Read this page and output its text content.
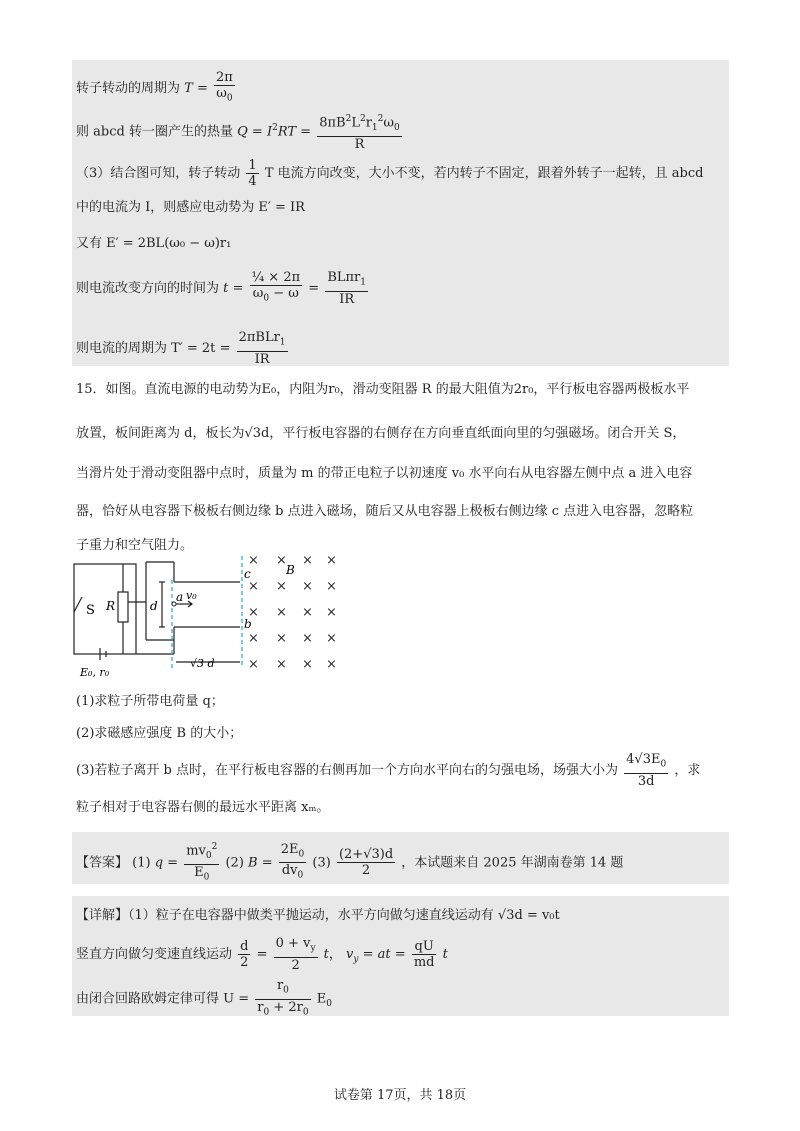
转子转动的周期为 $T = \frac{2\pi}{\omega_0}$
则 abcd 转一圈产生的热量 $Q = I^2RT = \frac{8\pi B^2L^2r_1^2\omega_0}{R}$
（3）结合图可知，转子转动 $\frac{1}{4}$ T 电流方向改变，大小不变，若内转子不固定，跟着外转子一起转，且 abcd
中的电流为 I，则感应电动势为 E′ = IR
又有 E′ = 2BL(ω₀ − ω)r₁
则电流改变方向的时间为 $t = \frac{\text{¼ × 2π}}{\omega_0 - \omega} = \frac{BL\pi r_1}{IR}$
则电流的周期为 $T' = 2t = \frac{2\pi BLr_1}{IR}$
15．如图。直流电源的电动势为E₀，内阻为r₀，滑动变阻器 R 的最大阻值为2r₀，平行板电容器两极板水平
放置，板间距离为 d，板长为√3d，平行板电容器的右侧存在方向垂直纸面向里的匀强磁场。闭合开关 S，
当滑片处于滑动变阻器中点时，质量为 m 的带正电粒子以初速度 v₀ 水平向右从电容器左侧中点 a 进入电容
器，恰好从电容器下极板右侧边缘 b 点进入磁场，随后又从电容器上极板右侧边缘 c 点进入电容器，忽略粒
子重力和空气阻力。
S R	d
a v₀
c
b
B
E₀, r₀
√3 d
× × × ×
× × × ×
× × × ×
× × × ×
× × × ×
(1)求粒子所带电荷量 q；
(2)求磁感应强度 B 的大小；
(3)若粒子离开 b 点时，在平行板电容器的右侧再加一个方向水平向右的匀强电场，场强大小为 $\frac{4√3E_0}{3d}$ ，求
粒子相对于电容器右侧的最远水平距离 xₘ。
【答案】 (1) $q = \frac{mv_0^2}{E_0} (2) B = \frac{2E_0}{dv_0} (3) \frac{(2+√3)d}{2}$ ，本试题来自 2025 年湖南卷第 14 题
【详解】（1）粒子在电容器中做类平抛运动，水平方向做匀速直线运动有 √3d = v₀t
竖直方向做匀变速直线运动 $\frac{d}{2} = \frac{0 + v_y}{2}$ t， $v_y$ = at = $\frac{qU}{md}$ t
由闭合回路欧姆定律可得 $U = \frac{r_0}{r_0 + 2r_0} E_0$
试卷第 17页，共 18页
